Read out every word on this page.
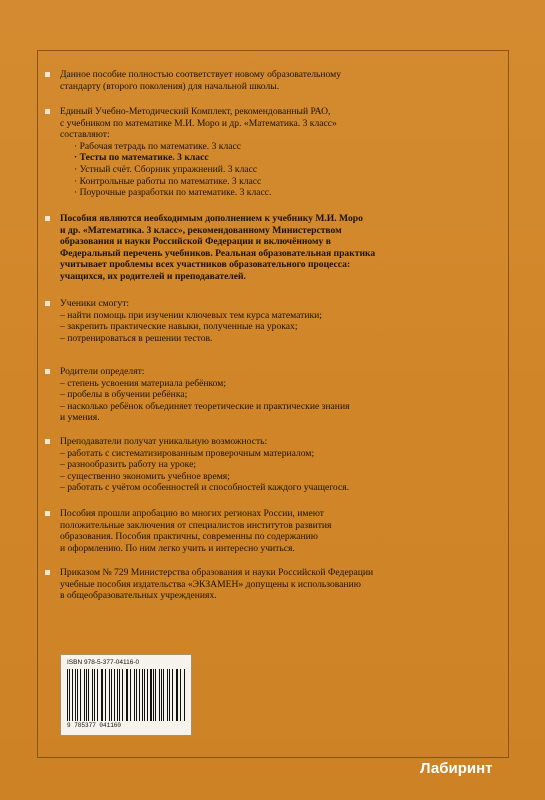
Данное пособие полностью соответствует новому образовательному
стандарту (второго поколения) для начальной школы.
Единый Учебно-Методический Комплект, рекомендованный РАО,
с учебником по математике М.И. Моро и др. «Математика. 3 класс»
составляют:
· Рабочая тетрадь по математике. 3 класс
· Тесты по математике. 3 класс
· Устный счёт. Сборник упражнений. 3 класс
· Контрольные работы по математике. 3 класс
· Поурочные разработки по математике. 3 класс.
Пособия являются необходимым дополнением к учебнику М.И. Моро
и др. «Математика. 3 класс», рекомендованному Министерством
образования и науки Российской Федерации и включённому в
Федеральный перечень учебников. Реальная образовательная практика
учитывает проблемы всех участников образовательного процесса:
учащихся, их родителей и преподавателей.
Ученики смогут:
– найти помощь при изучении ключевых тем курса математики;
– закрепить практические навыки, полученные на уроках;
– потренироваться в решении тестов.
Родители определят:
– степень усвоения материала ребёнком;
– пробелы в обучении ребёнка;
– насколько ребёнок объединяет теоретические и практические знания
и умения.
Преподаватели получат уникальную возможность:
– работать с систематизированным проверочным материалом;
– разнообразить работу на уроке;
– существенно экономить учебное время;
– работать с учётом особенностей и способностей каждого учащегося.
Пособия прошли апробацию во многих регионах России, имеют
положительные заключения от специалистов институтов развития
образования. Пособия практичны, современны по содержанию
и оформлению. По ним легко учить и интересно учиться.
Приказом № 729 Министерства образования и науки Российской Федерации
учебные пособия издательства «ЭКЗАМЕН» допущены к использованию
в общеобразовательных учреждениях.
ISBN 978-5-377-04116-0
9 785377 041160
Лабиринт
